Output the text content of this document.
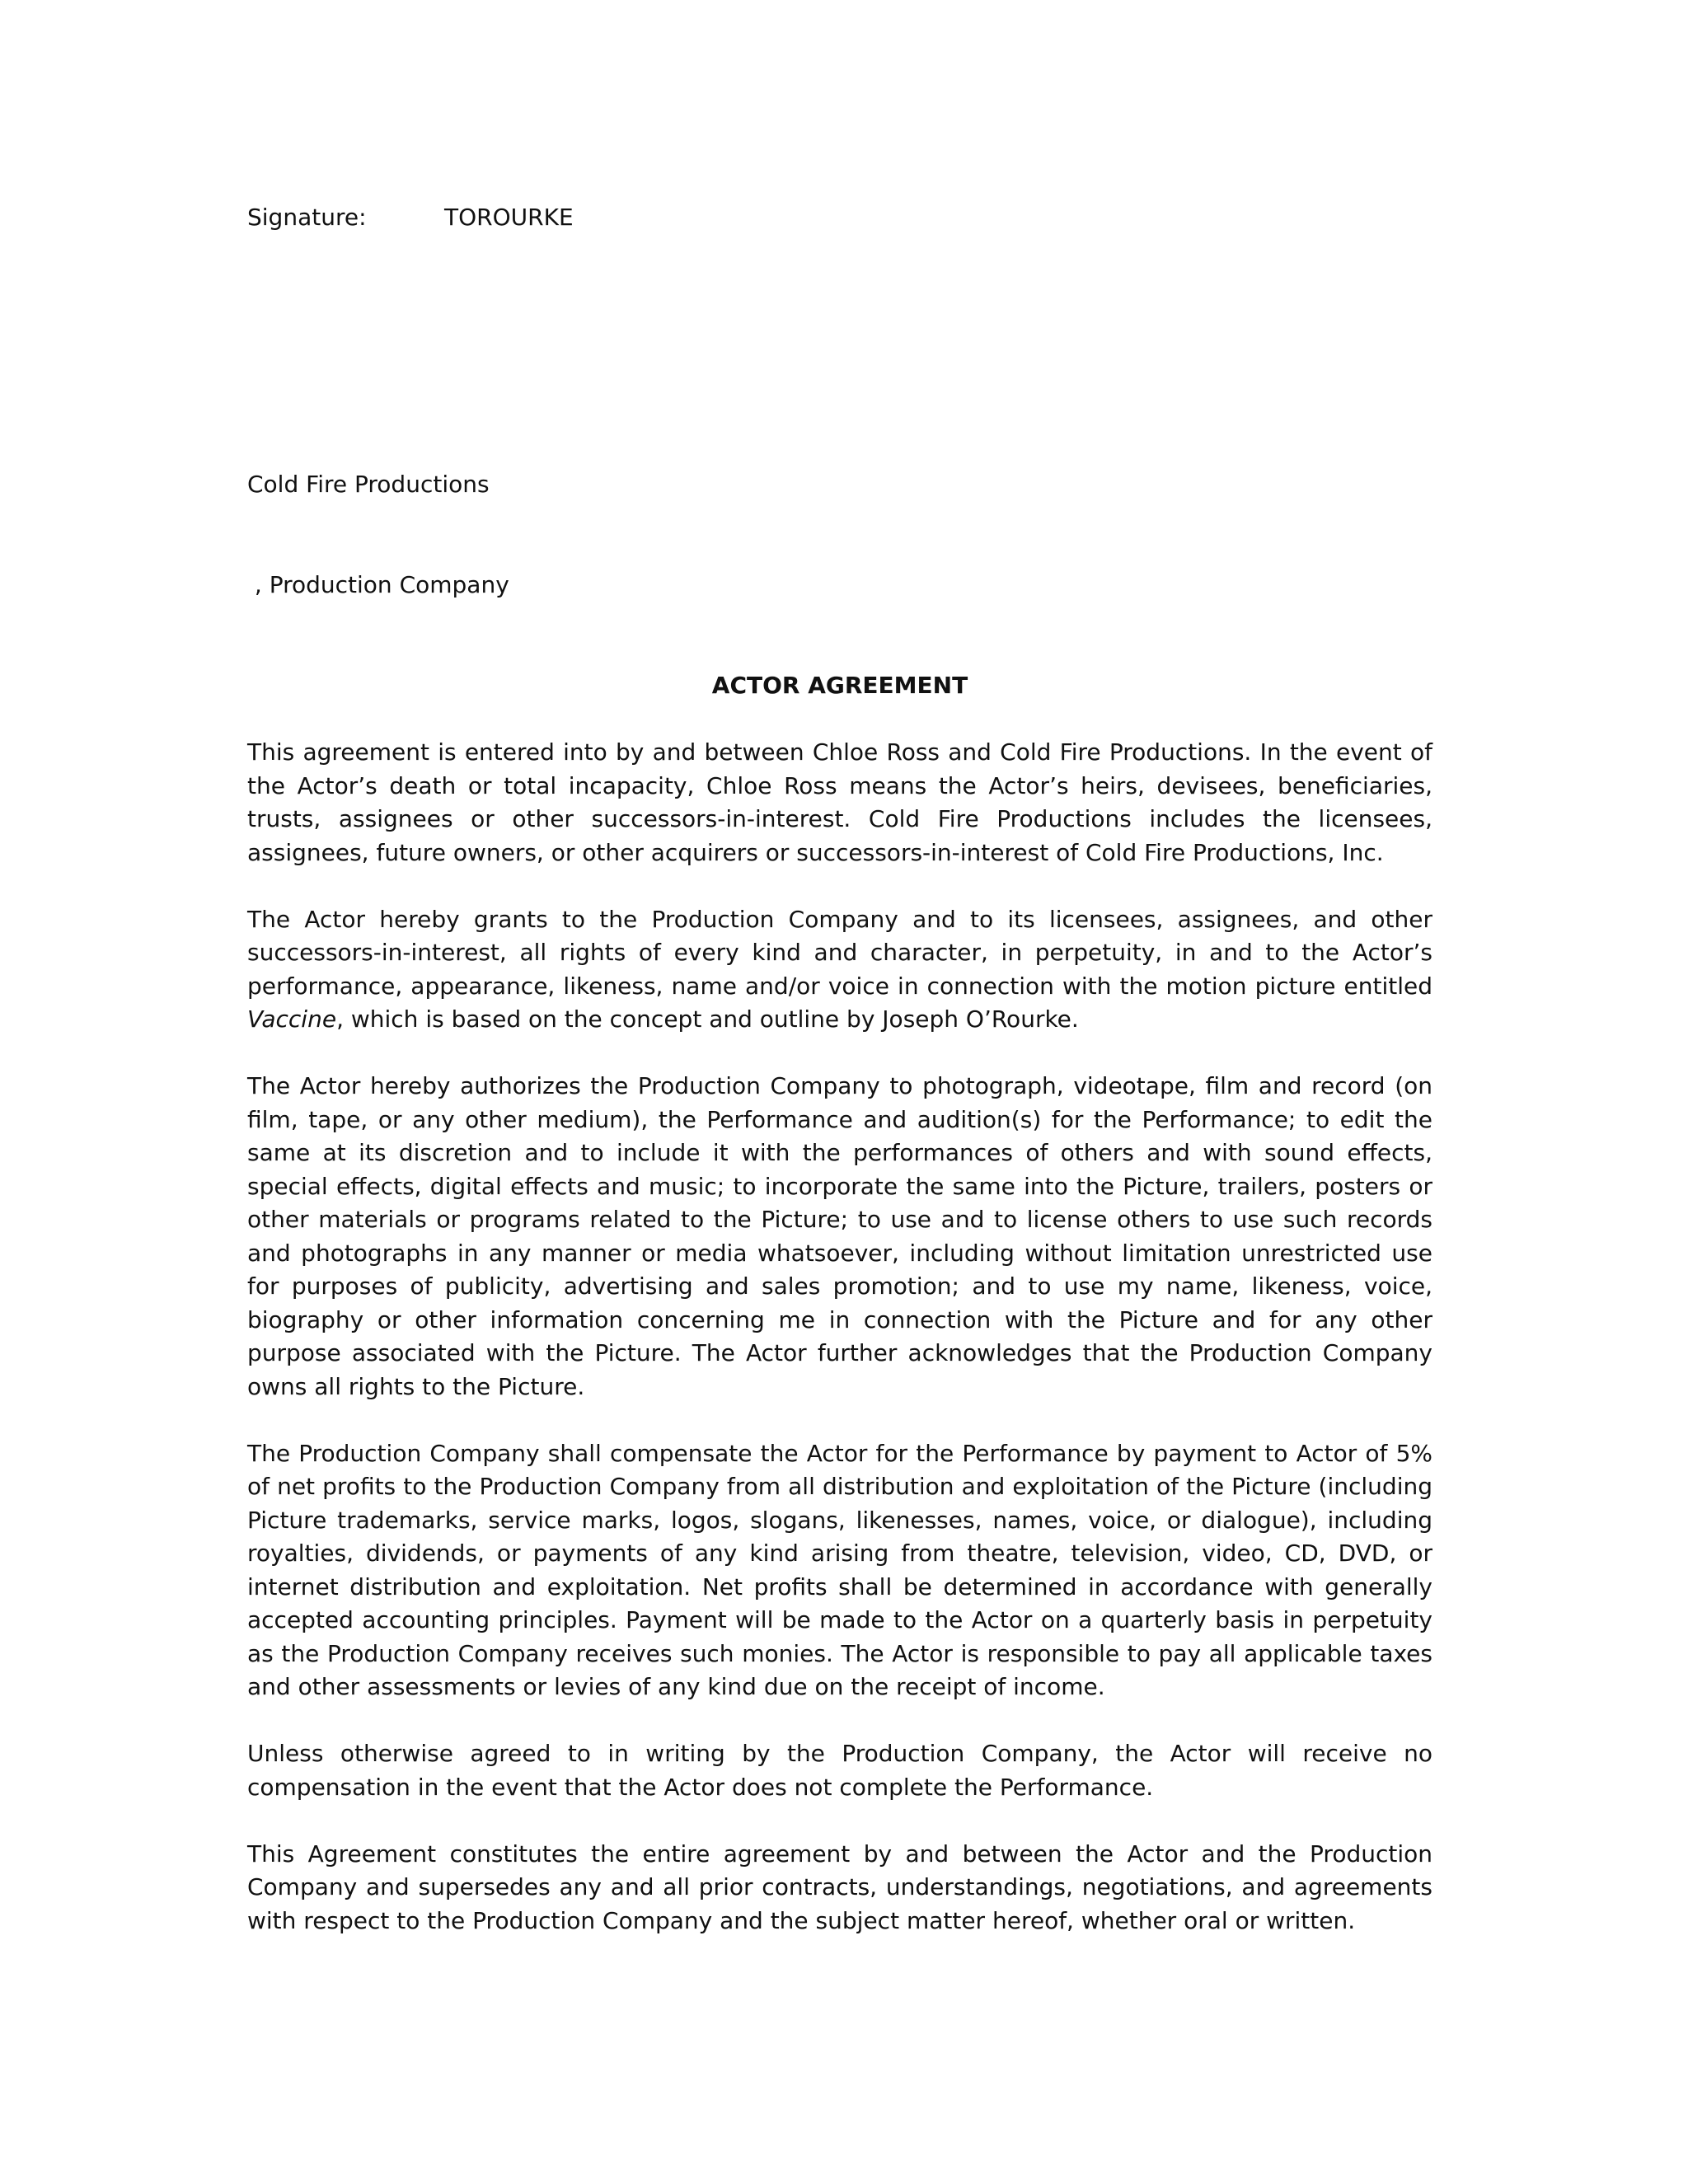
Signature:	TOROURKE

Cold Fire Productions

, Production Company

ACTOR AGREEMENT

This agreement is entered into by and between Chloe Ross and Cold Fire Productions. In the event of the Actor’s death or total incapacity, Chloe Ross means the Actor’s heirs, devisees, beneficiaries, trusts, assignees or other successors-in-interest. Cold Fire Productions includes the licensees, assignees, future owners, or other acquirers or successors-in-interest of Cold Fire Productions, Inc.

The Actor hereby grants to the Production Company and to its licensees, assignees, and other successors-in-interest, all rights of every kind and character, in perpetuity, in and to the Actor’s performance, appearance, likeness, name and/or voice in connection with the motion picture entitled Vaccine, which is based on the concept and outline by Joseph O’Rourke.

The Actor hereby authorizes the Production Company to photograph, videotape, film and record (on film, tape, or any other medium), the Performance and audition(s) for the Performance; to edit the same at its discretion and to include it with the performances of others and with sound effects, special effects, digital effects and music; to incorporate the same into the Picture, trailers, posters or other materials or programs related to the Picture; to use and to license others to use such records and photographs in any manner or media whatsoever, including without limitation unrestricted use for purposes of publicity, advertising and sales promotion; and to use my name, likeness, voice, biography or other information concerning me in connection with the Picture and for any other purpose associated with the Picture. The Actor further acknowledges that the Production Company owns all rights to the Picture.

The Production Company shall compensate the Actor for the Performance by payment to Actor of 5% of net profits to the Production Company from all distribution and exploitation of the Picture (including Picture trademarks, service marks, logos, slogans, likenesses, names, voice, or dialogue), including royalties, dividends, or payments of any kind arising from theatre, television, video, CD, DVD, or internet distribution and exploitation. Net profits shall be determined in accordance with generally accepted accounting principles. Payment will be made to the Actor on a quarterly basis in perpetuity as the Production Company receives such monies. The Actor is responsible to pay all applicable taxes and other assessments or levies of any kind due on the receipt of income.

Unless otherwise agreed to in writing by the Production Company, the Actor will receive no compensation in the event that the Actor does not complete the Performance.

This Agreement constitutes the entire agreement by and between the Actor and the Production Company and supersedes any and all prior contracts, understandings, negotiations, and agreements with respect to the Production Company and the subject matter hereof, whether oral or written.
